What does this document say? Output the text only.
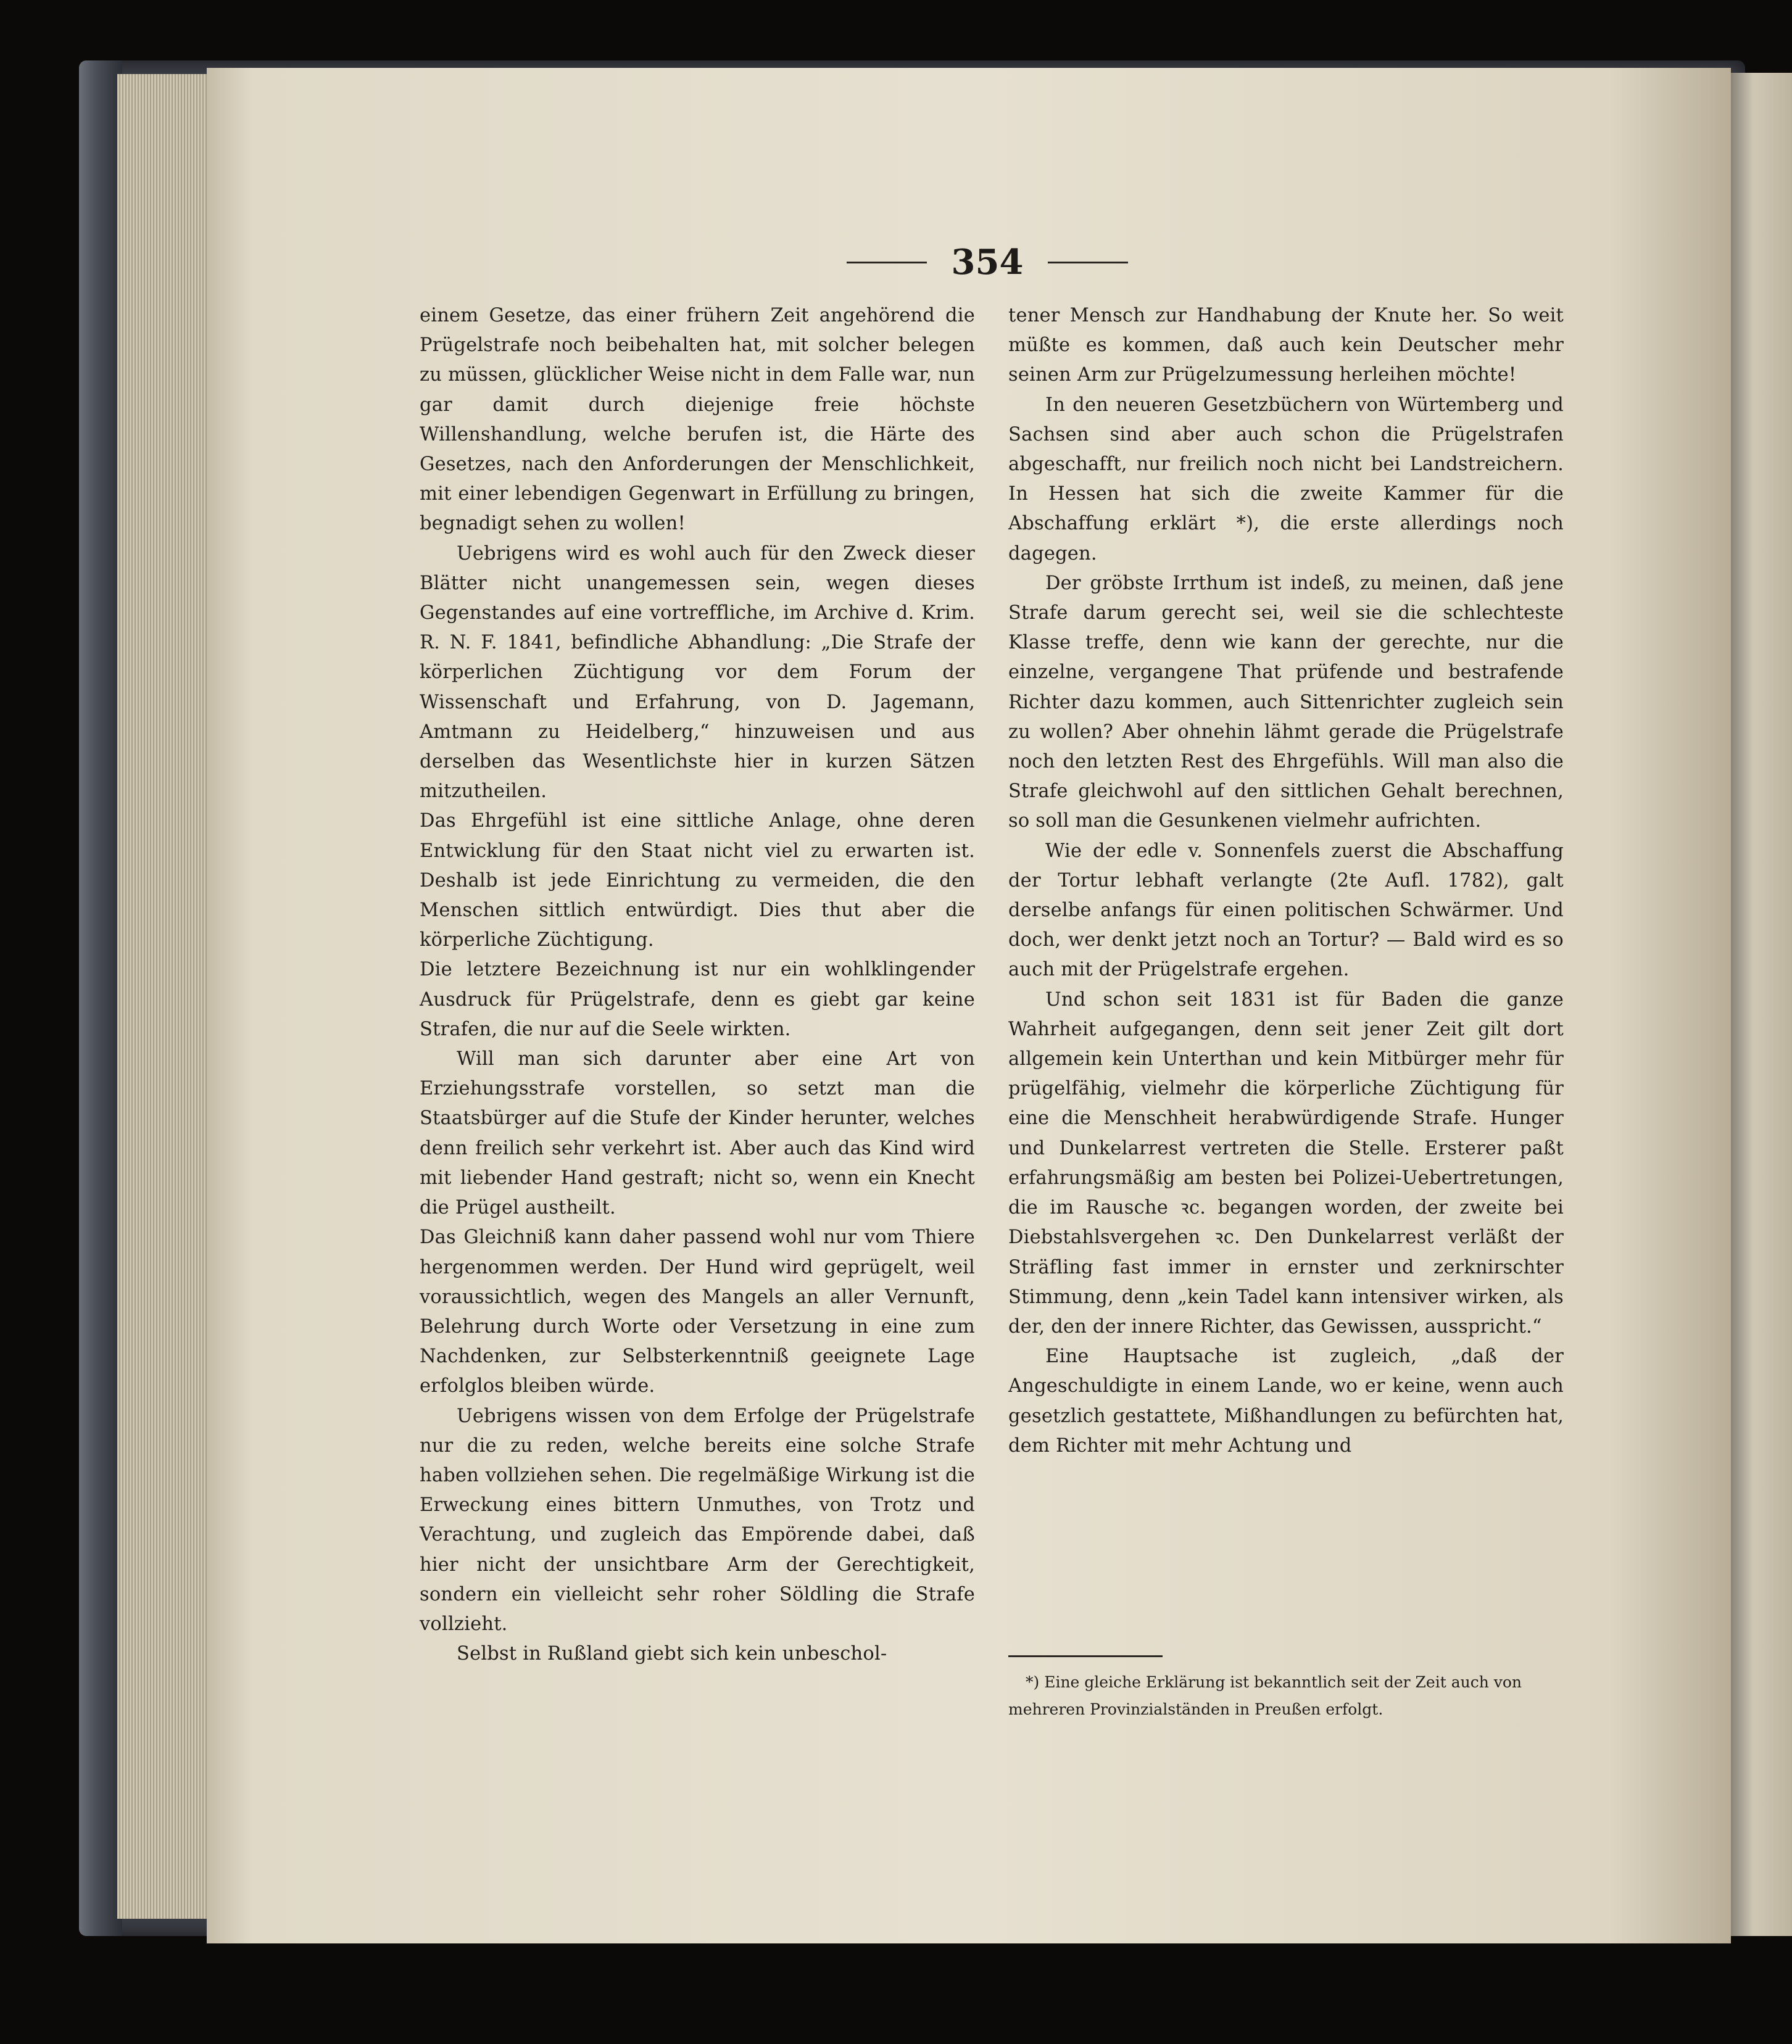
354

einem Gesetze, das einer frühern Zeit angehörend die Prügelstrafe noch beibehalten hat, mit solcher belegen zu müssen, glücklicher Weise nicht in dem Falle war, nun gar damit durch diejenige freie höchste Willenshandlung, welche berufen ist, die Härte des Gesetzes, nach den Anforderungen der Menschlichkeit, mit einer lebendigen Gegenwart in Erfüllung zu bringen, begnadigt sehen zu wollen!

Uebrigens wird es wohl auch für den Zweck dieser Blätter nicht unangemessen sein, wegen dieses Gegenstandes auf eine vortreffliche, im Archive d. Krim. R. N. F. 1841, befindliche Abhandlung: „Die Strafe der körperlichen Züchtigung vor dem Forum der Wissenschaft und Erfahrung, von D. Jagemann, Amtmann zu Heidelberg,“ hinzuweisen und aus derselben das Wesentlichste hier in kurzen Sätzen mitzutheilen.

Das Ehrgefühl ist eine sittliche Anlage, ohne deren Entwicklung für den Staat nicht viel zu erwarten ist. Deshalb ist jede Einrichtung zu vermeiden, die den Menschen sittlich entwürdigt. Dies thut aber die körperliche Züchtigung.

Die letztere Bezeichnung ist nur ein wohlklingender Ausdruck für Prügelstrafe, denn es giebt gar keine Strafen, die nur auf die Seele wirkten.

Will man sich darunter aber eine Art von Erziehungsstrafe vorstellen, so setzt man die Staatsbürger auf die Stufe der Kinder herunter, welches denn freilich sehr verkehrt ist. Aber auch das Kind wird mit liebender Hand gestraft; nicht so, wenn ein Knecht die Prügel austheilt.

Das Gleichniß kann daher passend wohl nur vom Thiere hergenommen werden. Der Hund wird geprügelt, weil voraussichtlich, wegen des Mangels an aller Vernunft, Belehrung durch Worte oder Versetzung in eine zum Nachdenken, zur Selbsterkenntniß geeignete Lage erfolglos bleiben würde.

Uebrigens wissen von dem Erfolge der Prügelstrafe nur die zu reden, welche bereits eine solche Strafe haben vollziehen sehen. Die regelmäßige Wirkung ist die Erweckung eines bittern Unmuthes, von Trotz und Verachtung, und zugleich das Empörende dabei, daß hier nicht der unsichtbare Arm der Gerechtigkeit, sondern ein vielleicht sehr roher Söldling die Strafe vollzieht.

Selbst in Rußland giebt sich kein unbeschol-

tener Mensch zur Handhabung der Knute her. So weit müßte es kommen, daß auch kein Deutscher mehr seinen Arm zur Prügelzumessung herleihen möchte!

In den neueren Gesetzbüchern von Würtemberg und Sachsen sind aber auch schon die Prügelstrafen abgeschafft, nur freilich noch nicht bei Landstreichern. In Hessen hat sich die zweite Kammer für die Abschaffung erklärt *), die erste allerdings noch dagegen.

Der gröbste Irrthum ist indeß, zu meinen, daß jene Strafe darum gerecht sei, weil sie die schlechteste Klasse treffe, denn wie kann der gerechte, nur die einzelne, vergangene That prüfende und bestrafende Richter dazu kommen, auch Sittenrichter zugleich sein zu wollen? Aber ohnehin lähmt gerade die Prügelstrafe noch den letzten Rest des Ehrgefühls. Will man also die Strafe gleichwohl auf den sittlichen Gehalt berechnen, so soll man die Gesunkenen vielmehr aufrichten.

Wie der edle v. Sonnenfels zuerst die Abschaffung der Tortur lebhaft verlangte (2te Aufl. 1782), galt derselbe anfangs für einen politischen Schwärmer. Und doch, wer denkt jetzt noch an Tortur? — Bald wird es so auch mit der Prügelstrafe ergehen.

Und schon seit 1831 ist für Baden die ganze Wahrheit aufgegangen, denn seit jener Zeit gilt dort allgemein kein Unterthan und kein Mitbürger mehr für prügelfähig, vielmehr die körperliche Züchtigung für eine die Menschheit herabwürdigende Strafe. Hunger und Dunkelarrest vertreten die Stelle. Ersterer paßt erfahrungsmäßig am besten bei Polizei-Uebertretungen, die im Rausche ꝛc. begangen worden, der zweite bei Diebstahlsvergehen ꝛc. Den Dunkelarrest verläßt der Sträfling fast immer in ernster und zerknirschter Stimmung, denn „kein Tadel kann intensiver wirken, als der, den der innere Richter, das Gewissen, ausspricht.“

Eine Hauptsache ist zugleich, „daß der Angeschuldigte in einem Lande, wo er keine, wenn auch gesetzlich gestattete, Mißhandlungen zu befürchten hat, dem Richter mit mehr Achtung und

*) Eine gleiche Erklärung ist bekanntlich seit der Zeit auch von mehreren Provinzialständen in Preußen erfolgt.
